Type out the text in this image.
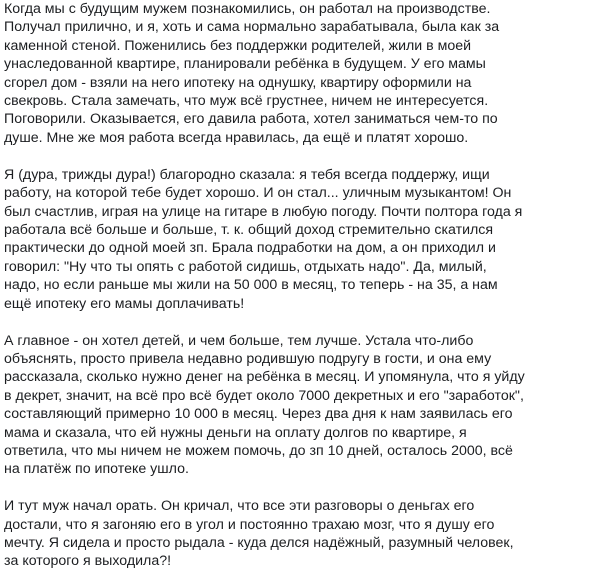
Когда мы с будущим мужем познакомились, он работал на производстве.
Получал прилично, и я, хоть и сама нормально зарабатывала, была как за
каменной стеной. Поженились без поддержки родителей, жили в моей
унаследованной квартире, планировали ребёнка в будущем. У его мамы
сгорел дом - взяли на него ипотеку на однушку, квартиру оформили на
свекровь. Стала замечать, что муж всё грустнее, ничем не интересуется.
Поговорили. Оказывается, его давила работа, хотел заниматься чем-то по
душе. Мне же моя работа всегда нравилась, да ещё и платят хорошо.

Я (дура, трижды дура!) благородно сказала: я тебя всегда поддержу, ищи
работу, на которой тебе будет хорошо. И он стал... уличным музыкантом! Он
был счастлив, играя на улице на гитаре в любую погоду. Почти полтора года я
работала всё больше и больше, т. к. общий доход стремительно скатился
практически до одной моей зп. Брала подработки на дом, а он приходил и
говорил: "Ну что ты опять с работой сидишь, отдыхать надо". Да, милый,
надо, но если раньше мы жили на 50 000 в месяц, то теперь - на 35, а нам
ещё ипотеку его мамы доплачивать!

А главное - он хотел детей, и чем больше, тем лучше. Устала что-либо
объяснять, просто привела недавно родившую подругу в гости, и она ему
рассказала, сколько нужно денег на ребёнка в месяц. И упомянула, что я уйду
в декрет, значит, на всё про всё будет около 7000 декретных и его "заработок",
составляющий примерно 10 000 в месяц. Через два дня к нам заявилась его
мама и сказала, что ей нужны деньги на оплату долгов по квартире, я
ответила, что мы ничем не можем помочь, до зп 10 дней, осталось 2000, всё
на платёж по ипотеке ушло.

И тут муж начал орать. Он кричал, что все эти разговоры о деньгах его
достали, что я загоняю его в угол и постоянно трахаю мозг, что я душу его
мечту. Я сидела и просто рыдала - куда делся надёжный, разумный человек,
за которого я выходила?!
